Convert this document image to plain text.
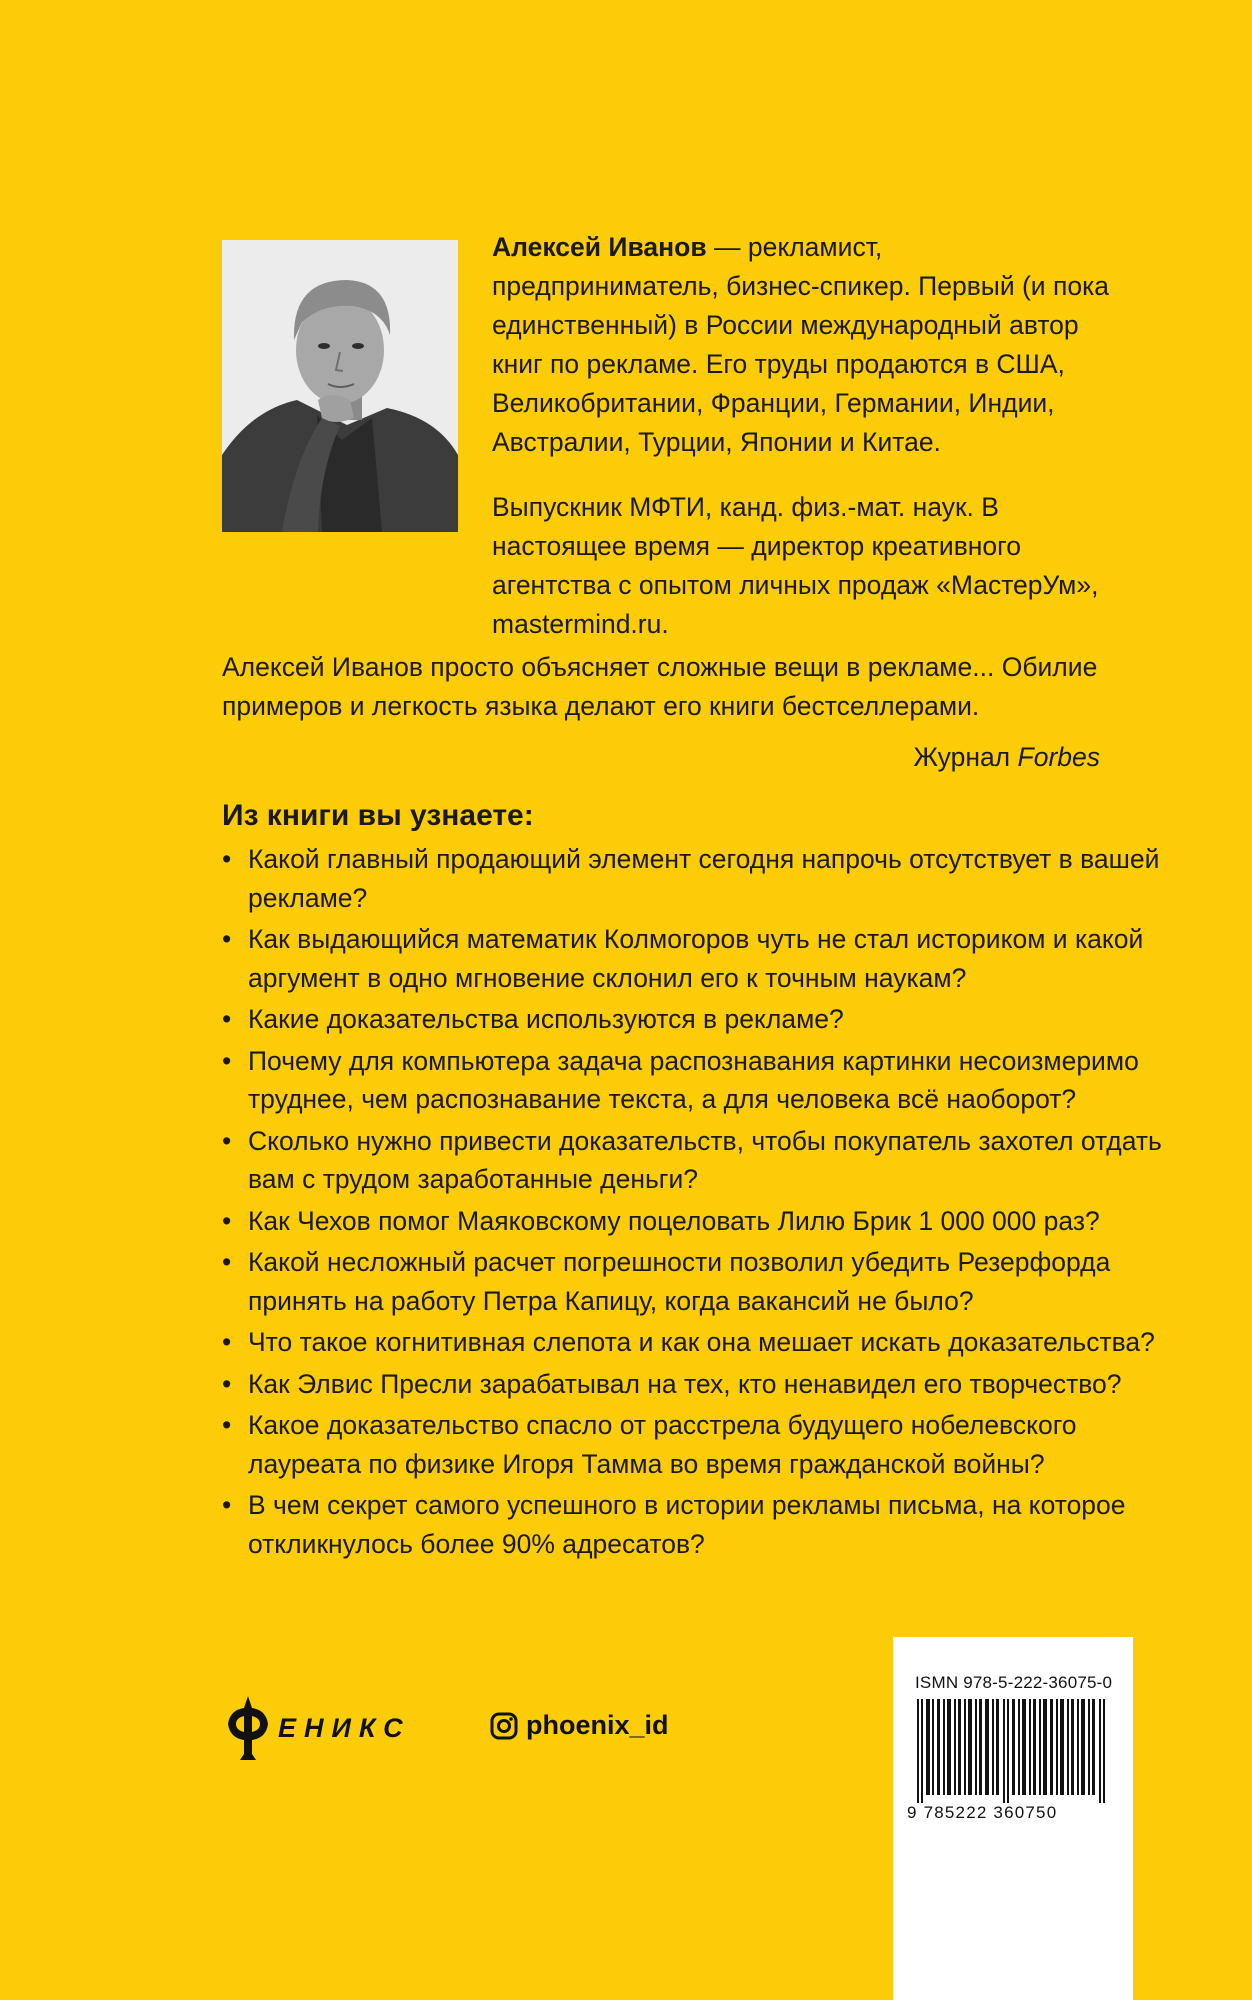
Алексей Иванов — рекламист, предприниматель, бизнес-спикер. Первый (и пока единственный) в России международный автор книг по рекламе. Его труды продаются в США, Великобритании, Франции, Германии, Индии, Австралии, Турции, Японии и Китае.

Выпускник МФТИ, канд. физ.-мат. наук. В настоящее время — директор креативного агентства с опытом личных продаж «МастерУм», mastermind.ru.

Алексей Иванов просто объясняет сложные вещи в рекламе... Обилие примеров и легкость языка делают его книги бестселлерами.
Журнал Forbes
Из книги вы узнаете:
• Какой главный продающий элемент сегодня напрочь отсутствует в вашей рекламе?
• Как выдающийся математик Колмогоров чуть не стал историком и какой аргумент в одно мгновение склонил его к точным наукам?
• Какие доказательства используются в рекламе?
• Почему для компьютера задача распознавания картинки несоизмеримо труднее, чем распознавание текста, а для человека всё наоборот?
• Сколько нужно привести доказательств, чтобы покупатель захотел отдать вам с трудом заработанные деньги?
• Как Чехов помог Маяковскому поцеловать Лилю Брик 1 000 000 раз?
• Какой несложный расчет погрешности позволил убедить Резерфорда принять на работу Петра Капицу, когда вакансий не было?
• Что такое когнитивная слепота и как она мешает искать доказательства?
• Как Элвис Пресли зарабатывал на тех, кто ненавидел его творчество?
• Какое доказательство спасло от расстрела будущего нобелевского лауреата по физике Игоря Тамма во время гражданской войны?
• В чем секрет самого успешного в истории рекламы письма, на которое откликнулось более 90% адресатов?
ЕНИКС	phoenix_id
ISMN 978-5-222-36075-0
9 785222 360750
